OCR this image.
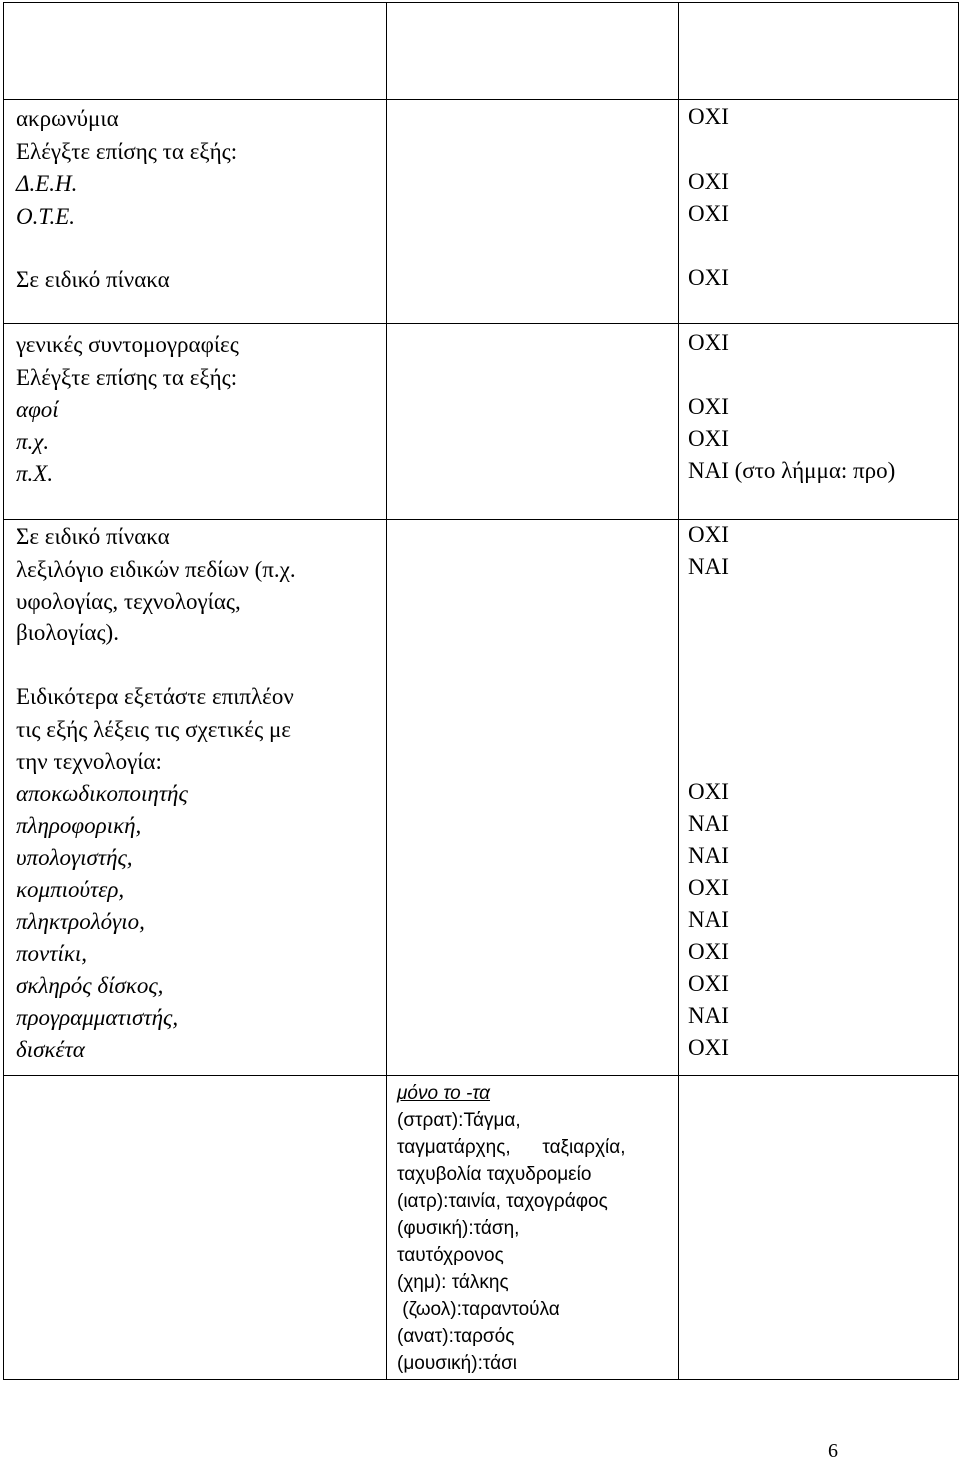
ακρωνύμια
Ελέγξτε επίσης τα εξής:
Δ.Ε.Η.
Ο.Τ.Ε.
Σε ειδικό πίνακα
γενικές συντομογραφίες
Ελέγξτε επίσης τα εξής:
αφοί
π.χ.
π.Χ.
Σε ειδικό πίνακα
λεξιλόγιο ειδικών πεδίων (π.χ.
υφολογίας, τεχνολογίας,
βιολογίας).
Ειδικότερα εξετάστε επιπλέον
τις εξής λέξεις τις σχετικές με
την τεχνολογία:
αποκωδικοποιητής
πληροφορική,
υπολογιστής,
κομπιούτερ,
πληκτρολόγιο,
ποντίκι,
σκληρός δίσκος,
προγραμματιστής,
δισκέτα
μόνο το -τα
(στρατ):Τάγμα,
ταγματάρχης,      ταξιαρχία,
ταχυβολία ταχυδρομείο
(ιατρ):ταινία, ταχογράφος
(φυσική):τάση,
ταυτόχρονος
(χημ): τάλκης
(ζωολ):ταραντούλα
(ανατ):ταρσός
(μουσική):τάσι
ΟΧΙ
ΟΧΙ
ΟΧΙ
ΟΧΙ
ΟΧΙ
ΟΧΙ
ΟΧΙ
ΝΑΙ (στο λήμμα: προ)
ΟΧΙ
ΝΑΙ
ΟΧΙ
ΝΑΙ
ΝΑΙ
ΟΧΙ
ΝΑΙ
ΟΧΙ
ΟΧΙ
ΝΑΙ
ΟΧΙ
6
